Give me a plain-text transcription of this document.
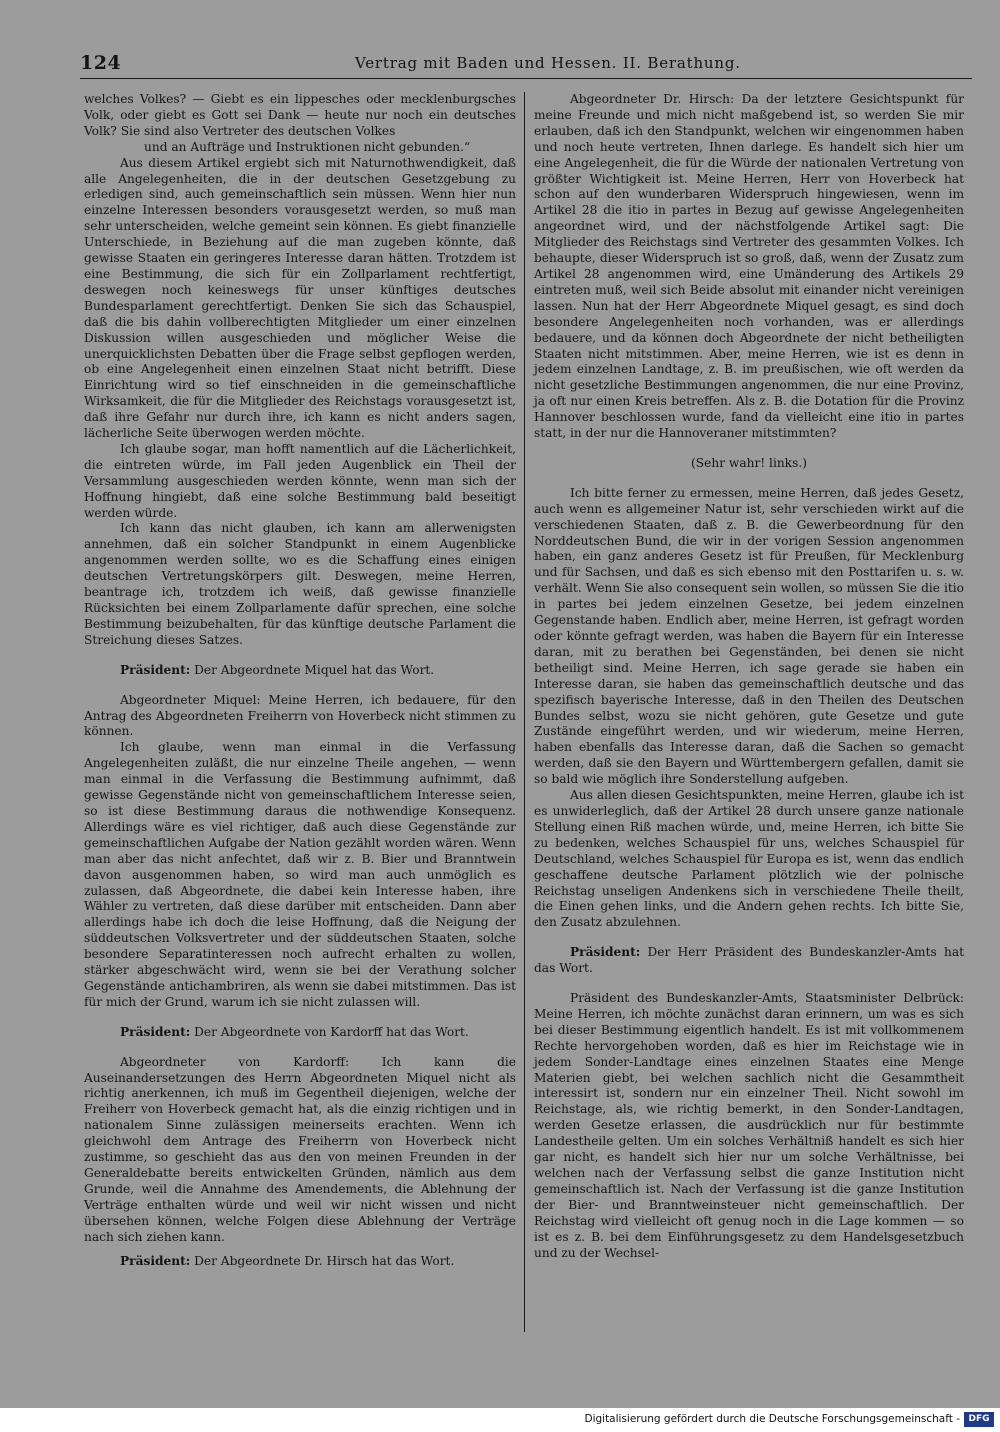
124	Vertrag mit Baden und Hessen. II. Berathung.

welches Volkes? — Giebt es ein lippesches oder mecklenburgsches Volk, oder giebt es Gott sei Dank — heute nur noch ein deutsches Volk? Sie sind also Vertreter des deutschen Volkes

und an Aufträge und Instruktionen nicht gebunden.“

Aus diesem Artikel ergiebt sich mit Naturnothwendigkeit, daß alle Angelegenheiten, die in der deutschen Gesetzgebung zu erledigen sind, auch gemeinschaftlich sein müssen. Wenn hier nun einzelne Interessen besonders vorausgesetzt werden, so muß man sehr unterscheiden, welche gemeint sein können. Es giebt finanzielle Unterschiede, in Beziehung auf die man zugeben könnte, daß gewisse Staaten ein geringeres Interesse daran hätten. Trotzdem ist eine Bestimmung, die sich für ein Zollparlament rechtfertigt, deswegen noch keineswegs für unser künftiges deutsches Bundesparlament gerechtfertigt. Denken Sie sich das Schauspiel, daß die bis dahin vollberechtigten Mitglieder um einer einzelnen Diskussion willen ausgeschieden und möglicher Weise die unerquicklichsten Debatten über die Frage selbst gepflogen werden, ob eine Angelegenheit einen einzelnen Staat nicht betrifft. Diese Einrichtung wird so tief einschneiden in die gemeinschaftliche Wirksamkeit, die für die Mitglieder des Reichstags vorausgesetzt ist, daß ihre Gefahr nur durch ihre, ich kann es nicht anders sagen, lächerliche Seite überwogen werden möchte.

Ich glaube sogar, man hofft namentlich auf die Lächerlichkeit, die eintreten würde, im Fall jeden Augenblick ein Theil der Versammlung ausgeschieden werden könnte, wenn man sich der Hoffnung hingiebt, daß eine solche Bestimmung bald beseitigt werden würde.

Ich kann das nicht glauben, ich kann am allerwenigsten annehmen, daß ein solcher Standpunkt in einem Augenblicke angenommen werden sollte, wo es die Schaffung eines einigen deutschen Vertretungskörpers gilt. Deswegen, meine Herren, beantrage ich, trotzdem ich weiß, daß gewisse finanzielle Rücksichten bei einem Zollparlamente dafür sprechen, eine solche Bestimmung beizubehalten, für das künftige deutsche Parlament die Streichung dieses Satzes.

Präsident: Der Abgeordnete Miquel hat das Wort.

Abgeordneter Miquel: Meine Herren, ich bedauere, für den Antrag des Abgeordneten Freiherrn von Hoverbeck nicht stimmen zu können.

Ich glaube, wenn man einmal in die Verfassung Angelegenheiten zuläßt, die nur einzelne Theile angehen, — wenn man einmal in die Verfassung die Bestimmung aufnimmt, daß gewisse Gegenstände nicht von gemeinschaftlichem Interesse seien, so ist diese Bestimmung daraus die nothwendige Konsequenz. Allerdings wäre es viel richtiger, daß auch diese Gegenstände zur gemeinschaftlichen Aufgabe der Nation gezählt worden wären. Wenn man aber das nicht anfechtet, daß wir z. B. Bier und Branntwein davon ausgenommen haben, so wird man auch unmöglich es zulassen, daß Abgeordnete, die dabei kein Interesse haben, ihre Wähler zu vertreten, daß diese darüber mit entscheiden. Dann aber allerdings habe ich doch die leise Hoffnung, daß die Neigung der süddeutschen Volksvertreter und der süddeutschen Staaten, solche besondere Separatinteressen noch aufrecht erhalten zu wollen, stärker abgeschwächt wird, wenn sie bei der Verathung solcher Gegenstände antichambriren, als wenn sie dabei mitstimmen. Das ist für mich der Grund, warum ich sie nicht zulassen will.

Präsident: Der Abgeordnete von Kardorff hat das Wort.

Abgeordneter von Kardorff: Ich kann die Auseinandersetzungen des Herrn Abgeordneten Miquel nicht als richtig anerkennen, ich muß im Gegentheil diejenigen, welche der Freiherr von Hoverbeck gemacht hat, als die einzig richtigen und in nationalem Sinne zulässigen meinerseits erachten. Wenn ich gleichwohl dem Antrage des Freiherrn von Hoverbeck nicht zustimme, so geschieht das aus den von meinen Freunden in der Generaldebatte bereits entwickelten Gründen, nämlich aus dem Grunde, weil die Annahme des Amendements, die Ablehnung der Verträge enthalten würde und weil wir nicht wissen und nicht übersehen können, welche Folgen diese Ablehnung der Verträge nach sich ziehen kann.

Präsident: Der Abgeordnete Dr. Hirsch hat das Wort.

Abgeordneter Dr. Hirsch: Da der letztere Gesichtspunkt für meine Freunde und mich nicht maßgebend ist, so werden Sie mir erlauben, daß ich den Standpunkt, welchen wir eingenommen haben und noch heute vertreten, Ihnen darlege. Es handelt sich hier um eine Angelegenheit, die für die Würde der nationalen Vertretung von größter Wichtigkeit ist. Meine Herren, Herr von Hoverbeck hat schon auf den wunderbaren Widerspruch hingewiesen, wenn im Artikel 28 die itio in partes in Bezug auf gewisse Angelegenheiten angeordnet wird, und der nächstfolgende Artikel sagt: Die Mitglieder des Reichstags sind Vertreter des gesammten Volkes. Ich behaupte, dieser Widerspruch ist so groß, daß, wenn der Zusatz zum Artikel 28 angenommen wird, eine Umänderung des Artikels 29 eintreten muß, weil sich Beide absolut mit einander nicht vereinigen lassen. Nun hat der Herr Abgeordnete Miquel gesagt, es sind doch besondere Angelegenheiten noch vorhanden, was er allerdings bedauere, und da können doch Abgeordnete der nicht betheiligten Staaten nicht mitstimmen. Aber, meine Herren, wie ist es denn in jedem einzelnen Landtage, z. B. im preußischen, wie oft werden da nicht gesetzliche Bestimmungen angenommen, die nur eine Provinz, ja oft nur einen Kreis betreffen. Als z. B. die Dotation für die Provinz Hannover beschlossen wurde, fand da vielleicht eine itio in partes statt, in der nur die Hannoveraner mitstimmten?

(Sehr wahr! links.)

Ich bitte ferner zu ermessen, meine Herren, daß jedes Gesetz, auch wenn es allgemeiner Natur ist, sehr verschieden wirkt auf die verschiedenen Staaten, daß z. B. die Gewerbeordnung für den Norddeutschen Bund, die wir in der vorigen Session angenommen haben, ein ganz anderes Gesetz ist für Preußen, für Mecklenburg und für Sachsen, und daß es sich ebenso mit den Posttarifen u. s. w. verhält. Wenn Sie also consequent sein wollen, so müssen Sie die itio in partes bei jedem einzelnen Gesetze, bei jedem einzelnen Gegenstande haben. Endlich aber, meine Herren, ist gefragt worden oder könnte gefragt werden, was haben die Bayern für ein Interesse daran, mit zu berathen bei Gegenständen, bei denen sie nicht betheiligt sind. Meine Herren, ich sage gerade sie haben ein Interesse daran, sie haben das gemeinschaftlich deutsche und das spezifisch bayerische Interesse, daß in den Theilen des Deutschen Bundes selbst, wozu sie nicht gehören, gute Gesetze und gute Zustände eingeführt werden, und wir wiederum, meine Herren, haben ebenfalls das Interesse daran, daß die Sachen so gemacht werden, daß sie den Bayern und Württembergern gefallen, damit sie so bald wie möglich ihre Sonderstellung aufgeben.

Aus allen diesen Gesichtspunkten, meine Herren, glaube ich ist es unwiderleglich, daß der Artikel 28 durch unsere ganze nationale Stellung einen Riß machen würde, und, meine Herren, ich bitte Sie zu bedenken, welches Schauspiel für uns, welches Schauspiel für Deutschland, welches Schauspiel für Europa es ist, wenn das endlich geschaffene deutsche Parlament plötzlich wie der polnische Reichstag unseligen Andenkens sich in verschiedene Theile theilt, die Einen gehen links, und die Andern gehen rechts. Ich bitte Sie, den Zusatz abzulehnen.

Präsident: Der Herr Präsident des Bundeskanzler-Amts hat das Wort.

Präsident des Bundeskanzler-Amts, Staatsminister Delbrück: Meine Herren, ich möchte zunächst daran erinnern, um was es sich bei dieser Bestimmung eigentlich handelt. Es ist mit vollkommenem Rechte hervorgehoben worden, daß es hier im Reichstage wie in jedem Sonder-Landtage eines einzelnen Staates eine Menge Materien giebt, bei welchen sachlich nicht die Gesammtheit interessirt ist, sondern nur ein einzelner Theil. Nicht sowohl im Reichstage, als, wie richtig bemerkt, in den Sonder-Landtagen, werden Gesetze erlassen, die ausdrücklich nur für bestimmte Landestheile gelten. Um ein solches Verhältniß handelt es sich hier gar nicht, es handelt sich hier nur um solche Verhältnisse, bei welchen nach der Verfassung selbst die ganze Institution nicht gemeinschaftlich ist. Nach der Verfassung ist die ganze Institution der Bier- und Branntweinsteuer nicht gemeinschaftlich. Der Reichstag wird vielleicht oft genug noch in die Lage kommen — so ist es z. B. bei dem Einführungsgesetz zu dem Handelsgesetzbuch und zu der Wechsel-

Digitalisierung gefördert durch die Deutsche Forschungsgemeinschaft - DFG
